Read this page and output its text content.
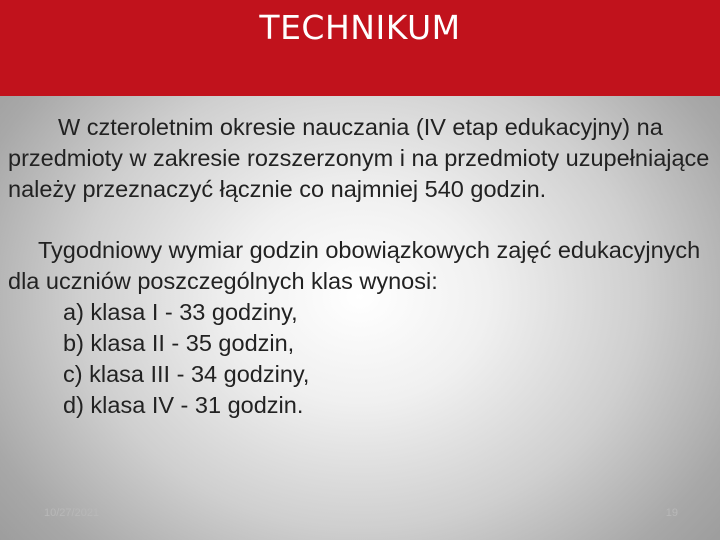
TECHNIKUM

W czteroletnim okresie nauczania (IV etap edukacyjny) na przedmioty w zakresie rozszerzonym i na przedmioty uzupełniające należy przeznaczyć łącznie co najmniej 540 godzin.

Tygodniowy wymiar godzin obowiązkowych zajęć edukacyjnych dla uczniów poszczególnych klas wynosi:

a) klasa I - 33 godziny,
b) klasa II - 35 godzin,
c) klasa III - 34 godziny,
d) klasa IV - 31 godzin.
10/27/2021	19
